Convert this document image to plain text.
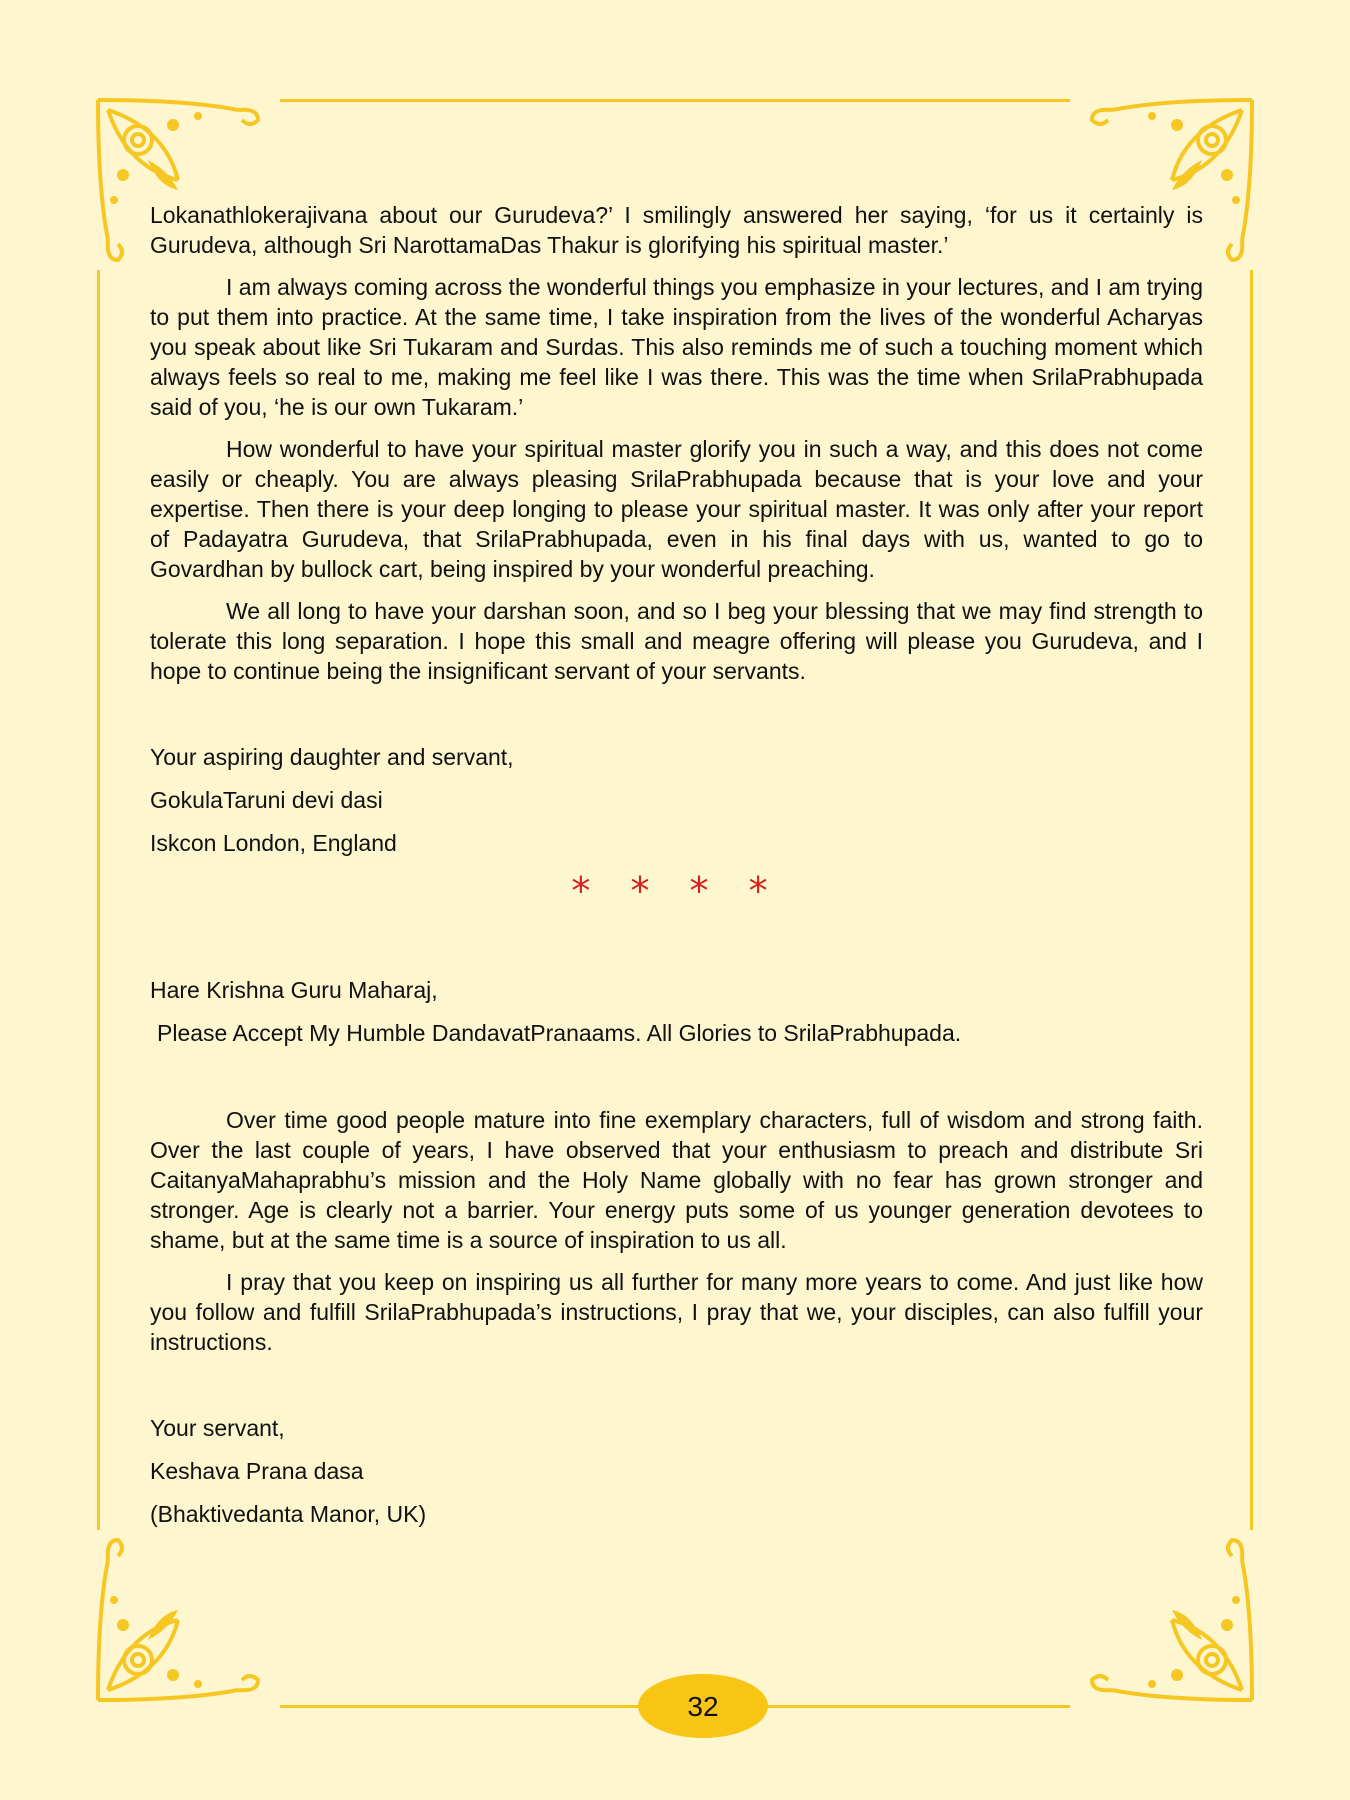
Lokanathlokerajivana about our Gurudeva?’ I smilingly answered her saying, ‘for us it certainly is Gurudeva, although Sri NarottamaDas Thakur is glorifying his spiritual master.’

I am always coming across the wonderful things you emphasize in your lectures, and I am trying to put them into practice. At the same time, I take inspiration from the lives of the wonderful Acharyas you speak about like Sri Tukaram and Surdas. This also reminds me of such a touching moment which always feels so real to me, making me feel like I was there. This was the time when SrilaPrabhupada said of you, ‘he is our own Tukaram.’

How wonderful to have your spiritual master glorify you in such a way, and this does not come easily or cheaply. You are always pleasing SrilaPrabhupada because that is your love and your expertise. Then there is your deep longing to please your spiritual master. It was only after your report of Padayatra Gurudeva, that SrilaPrabhupada, even in his final days with us, wanted to go to Govardhan by bullock cart, being inspired by your wonderful preaching.

We all long to have your darshan soon, and so I beg your blessing that we may find strength to tolerate this long separation. I hope this small and meagre offering will please you Gurudeva, and I hope to continue being the insignificant servant of your servants.

Your aspiring daughter and servant,
GokulaTaruni devi dasi
Iskcon London, England
* * * *
Hare Krishna Guru Maharaj,
Please Accept My Humble DandavatPranaams. All Glories to SrilaPrabhupada.

Over time good people mature into fine exemplary characters, full of wisdom and strong faith. Over the last couple of years, I have observed that your enthusiasm to preach and distribute Sri CaitanyaMahaprabhu’s mission and the Holy Name globally with no fear has grown stronger and stronger. Age is clearly not a barrier. Your energy puts some of us younger generation devotees to shame, but at the same time is a source of inspiration to us all.

I pray that you keep on inspiring us all further for many more years to come. And just like how you follow and fulfill SrilaPrabhupada’s instructions, I pray that we, your disciples, can also fulfill your instructions.

Your servant,
Keshava Prana dasa
(Bhaktivedanta Manor, UK)
32
